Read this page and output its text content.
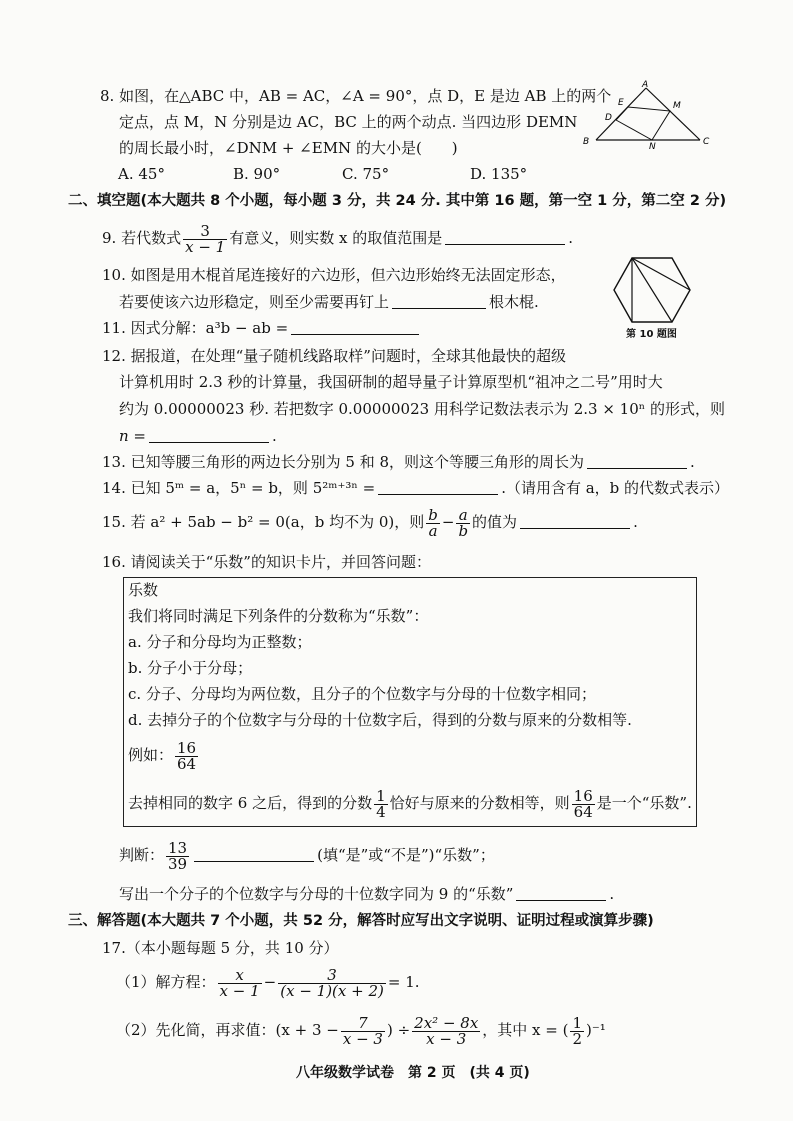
8. 如图，在△ABC 中，AB = AC，∠A = 90°，点 D，E 是边 AB 上的两个
定点，点 M，N 分别是边 AC，BC 上的两个动点. 当四边形 DEMN
的周长最小时，∠DNM + ∠EMN 的大小是(　　)
A. 45°	B. 90°	C. 75°	D. 135°
A
E	M
D
B	N	C
二、填空题(本大题共 8 个小题，每小题 3 分，共 24 分. 其中第 16 题，第一空 1 分，第二空 2 分)
9. 若代数式 $\frac{3}{x - 1}$ 有意义，则实数 x 的取值范围是	.
10. 如图是用木棍首尾连接好的六边形，但六边形始终无法固定形态，
若要使该六边形稳定，则至少需要再钉上	根木棍.
第 10 题图
11. 因式分解：a³b − ab =
12. 据报道，在处理“量子随机线路取样”问题时，全球其他最快的超级
计算机用时 2.3 秒的计算量，我国研制的超导量子计算原型机“祖冲之二号”用时大
约为 0.00000023 秒. 若把数字 0.00000023 用科学记数法表示为 2.3 × 10ⁿ 的形式，则
n =	.
13. 已知等腰三角形的两边长分别为 5 和 8，则这个等腰三角形的周长为	.
14. 已知 5ᵐ = a，5ⁿ = b，则 5²ᵐ⁺³ⁿ =	.（请用含有 a，b 的代数式表示）
15. 若 a² + 5ab − b² = 0(a，b 均不为 0)，则 $\frac{b}{a} - \frac{a}{b}$ 的值为	.
16. 请阅读关于“乐数”的知识卡片，并回答问题：
乐数
我们将同时满足下列条件的分数称为“乐数”：
a. 分子和分母均为正整数；
b. 分子小于分母；
c. 分子、分母均为两位数，且分子的个位数字与分母的十位数字相同；
d. 去掉分子的个位数字与分母的十位数字后，得到的分数与原来的分数相等.
例如： $\frac{16}{64}$
去掉相同的数字 6 之后，得到的分数 $\frac{1}{4}$ 恰好与原来的分数相等，则 $\frac{16}{64}$ 是一个“乐数”.
判断： $\frac{13}{39}$	(填“是”或“不是”)“乐数”；
写出一个分子的个位数字与分母的十位数字同为 9 的“乐数”	.
三、解答题(本大题共 7 个小题，共 52 分，解答时应写出文字说明、证明过程或演算步骤)
17.（本小题每题 5 分，共 10 分）
（1）解方程： $\frac{x}{x - 1} - \frac{3}{(x - 1)(x + 2)} = 1$.
（2）先化简，再求值：($x + 3 - \frac{7}{x - 3}$ ) ÷ $\frac{\text{2x² − 8x}}{x - 3}$ ，其中 x = ( $\frac{1}{2} )^{-1}$
八年级数学试卷　第 2 页　(共 4 页)
